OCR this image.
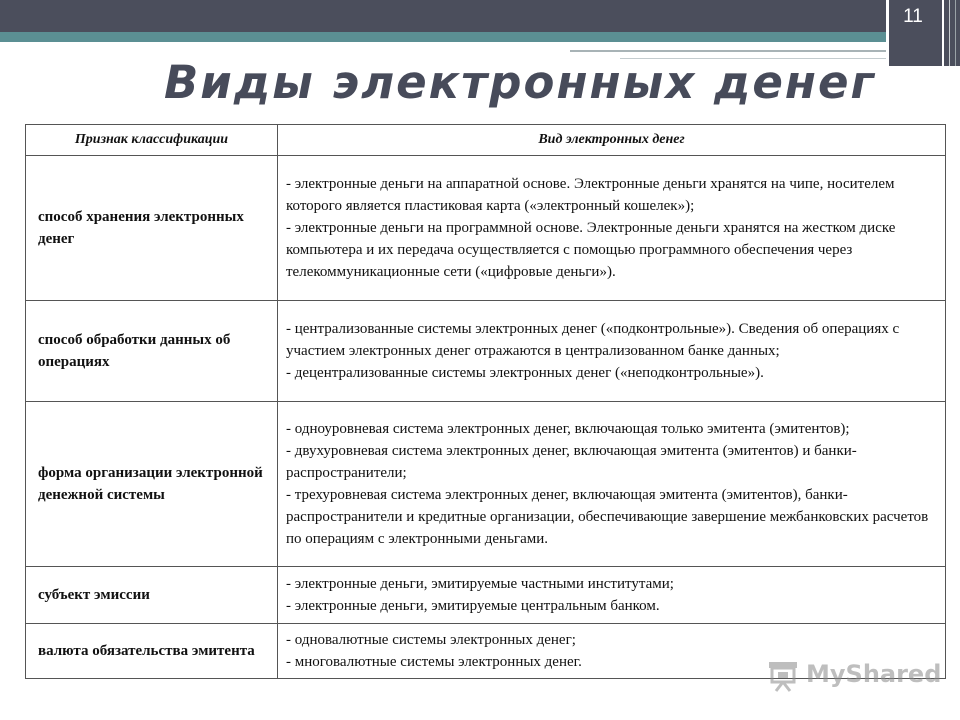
11
Виды электронных денег
Признак классификации	Вид электронных денег
способ хранения электронных денег	- электронные деньги на аппаратной основе. Электронные деньги хранятся на чипе, носителем которого является пластиковая карта («электронный кошелек»);
- электронные деньги на программной основе. Электронные деньги хранятся на жестком диске компьютера и их передача осуществляется с помощью программного обеспечения через телекоммуникационные сети («цифровые деньги»).

способ обработки данных об операциях	- централизованные системы электронных денег («подконтрольные»). Сведения об операциях с участием электронных денег отражаются в централизованном банке данных;
- децентрализованные системы электронных денег («неподконтрольные»).

форма организации электронной денежной системы	- одноуровневая система электронных денег, включающая только эмитента (эмитентов);
- двухуровневая система электронных денег, включающая эмитента (эмитентов) и банки-распространители;
- трехуровневая система электронных денег, включающая эмитента (эмитентов), банки-распространители и кредитные организации, обеспечивающие завершение межбанковских расчетов по операциям с электронными деньгами.

субъект эмиссии	- электронные деньги, эмитируемые частными институтами;
- электронные деньги, эмитируемые центральным банком.

валюта обязательства эмитента	- одновалютные системы электронных денег;
- многовалютные системы электронных денег.	MyShared
